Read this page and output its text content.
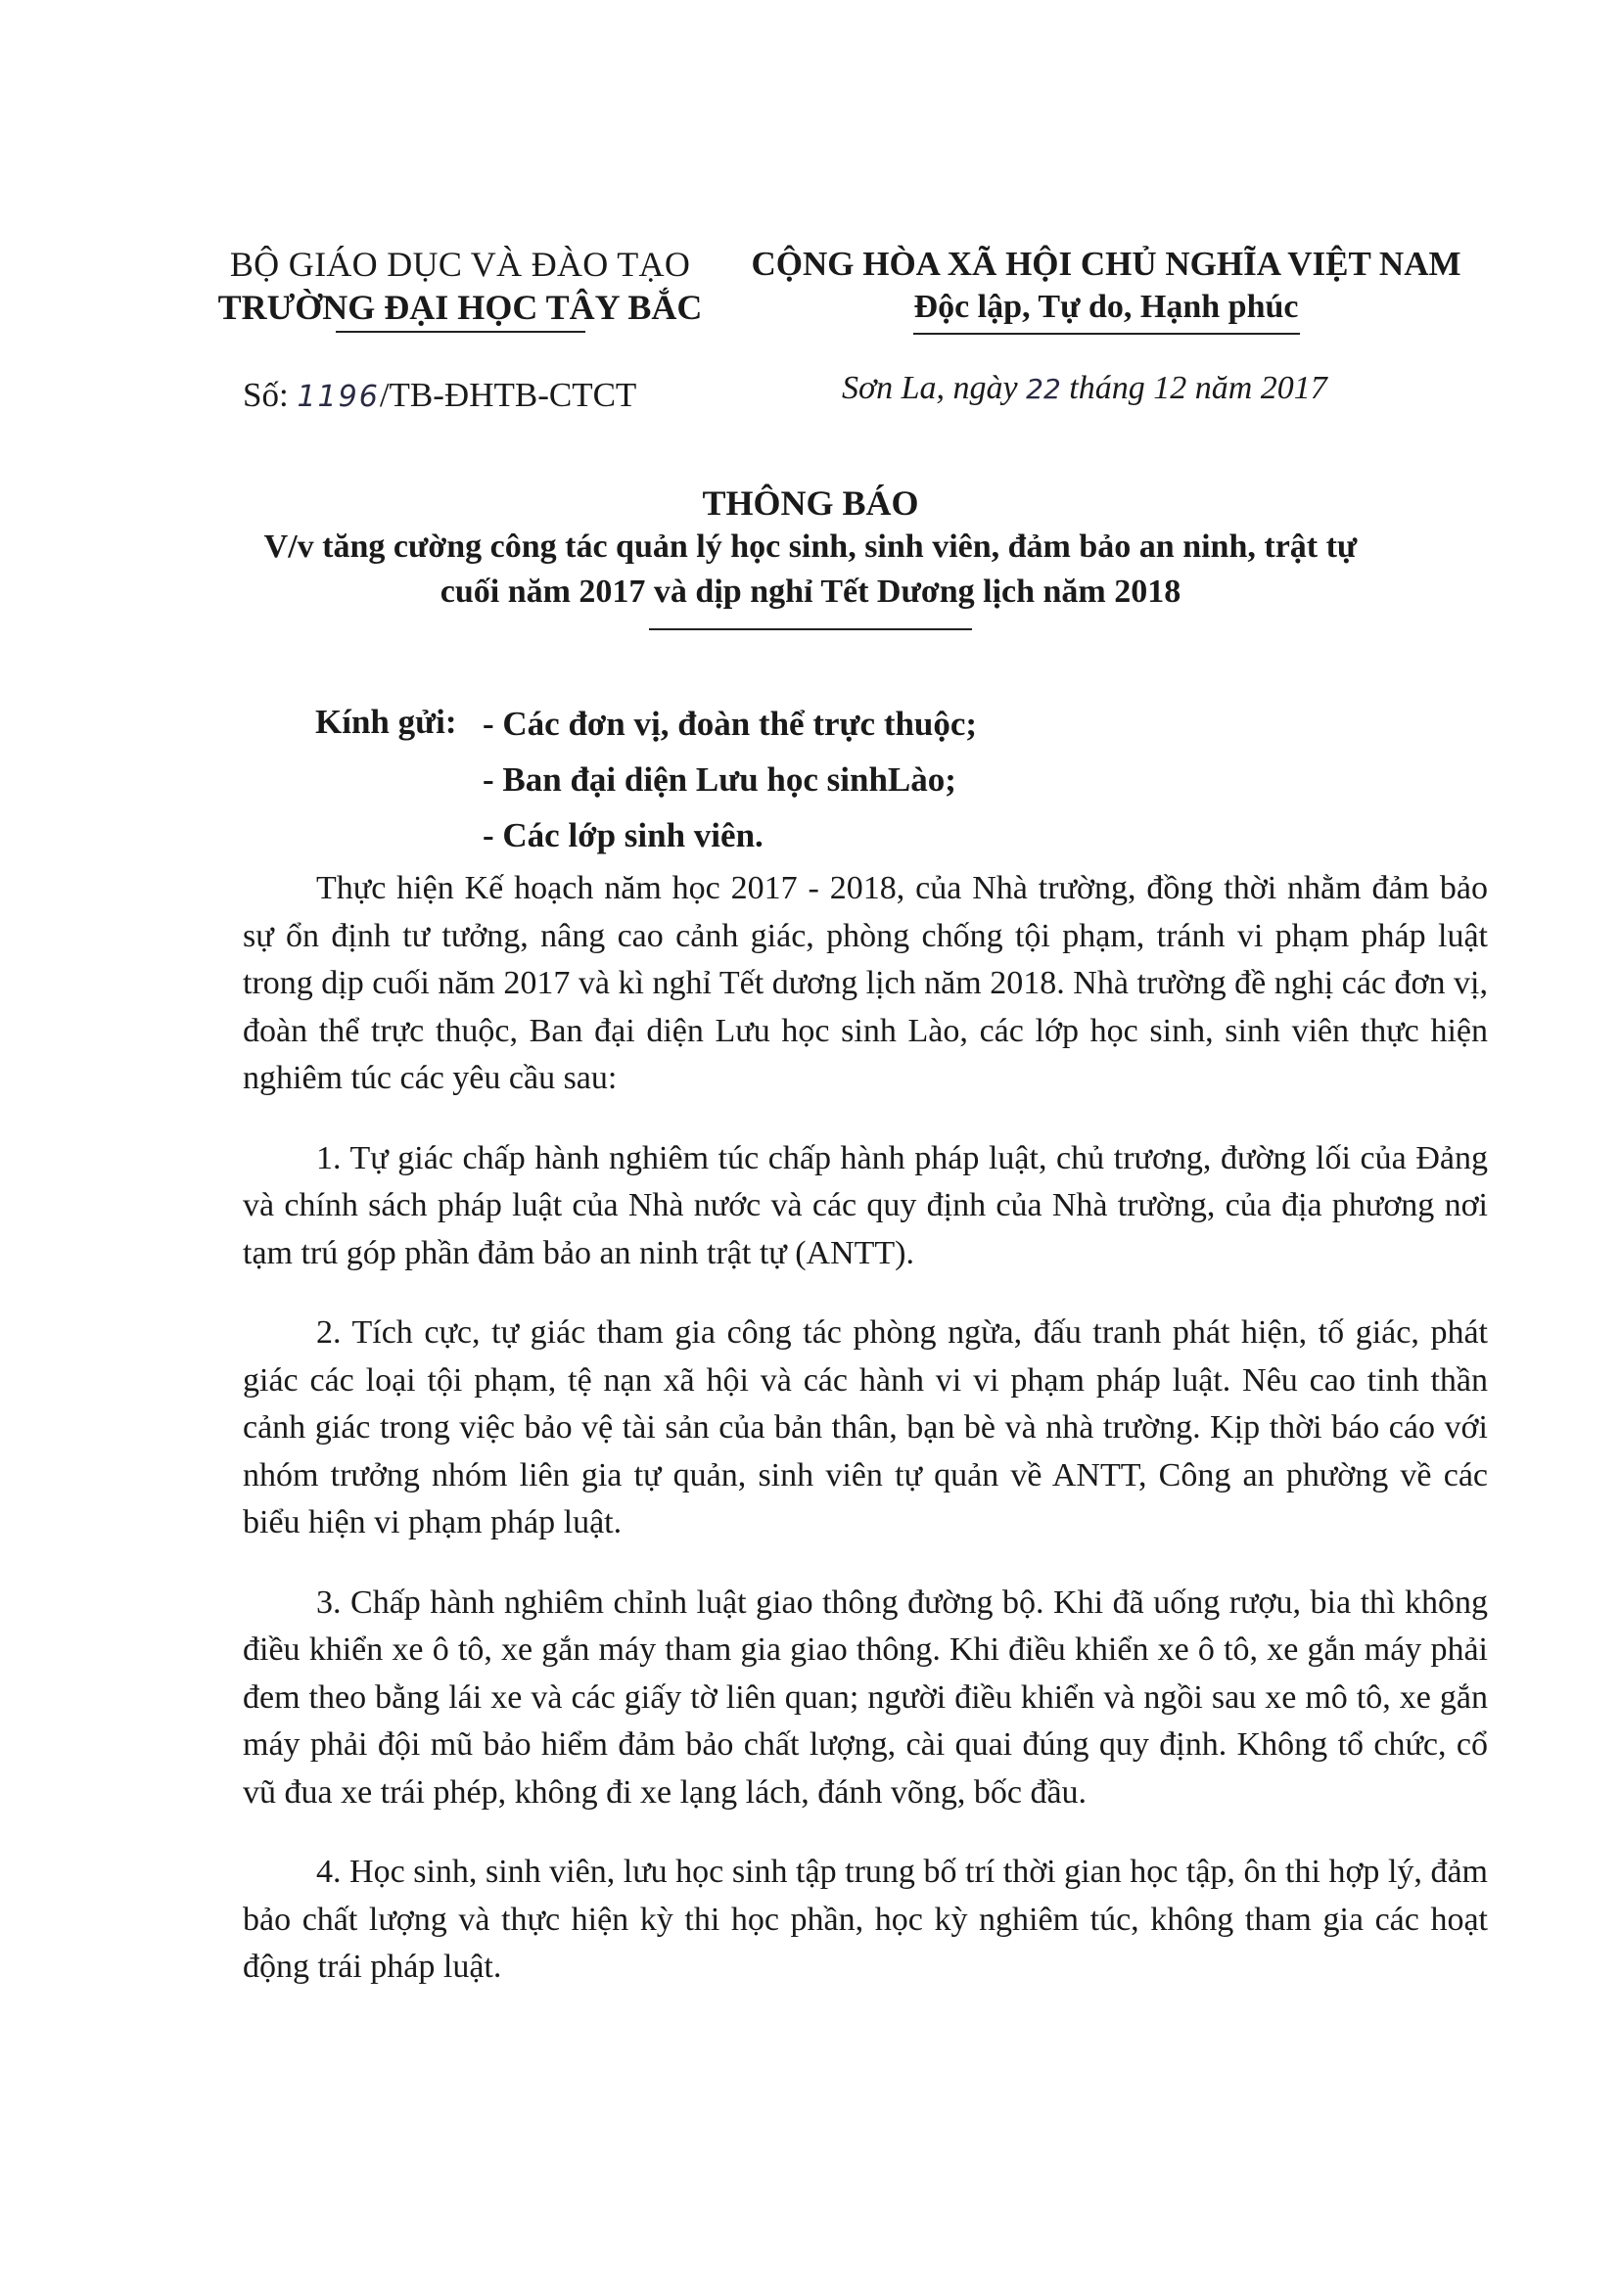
BỘ GIÁO DỤC VÀ ĐÀO TẠO
TRƯỜNG ĐẠI HỌC TÂY BẮC
CỘNG HÒA XÃ HỘI CHỦ NGHĨA VIỆT NAM
Độc lập, Tự do, Hạnh phúc
Số: 1196/TB-ĐHTB-CTCT	Sơn La, ngày 22 tháng 12 năm 2017
THÔNG BÁO
V/v tăng cường công tác quản lý học sinh, sinh viên, đảm bảo an ninh, trật tự
cuối năm 2017 và dịp nghỉ Tết Dương lịch năm 2018
Kính gửi: - Các đơn vị, đoàn thể trực thuộc;
- Ban đại diện Lưu học sinhLào;
- Các lớp sinh viên.

Thực hiện Kế hoạch năm học 2017 - 2018, của Nhà trường, đồng thời nhằm đảm bảo sự ổn định tư tưởng, nâng cao cảnh giác, phòng chống tội phạm, tránh vi phạm pháp luật trong dịp cuối năm 2017 và kì nghỉ Tết dương lịch năm 2018. Nhà trường đề nghị các đơn vị, đoàn thể trực thuộc, Ban đại diện Lưu học sinh Lào, các lớp học sinh, sinh viên thực hiện nghiêm túc các yêu cầu sau:

1. Tự giác chấp hành nghiêm túc chấp hành pháp luật, chủ trương, đường lối của Đảng và chính sách pháp luật của Nhà nước và các quy định của Nhà trường, của địa phương nơi tạm trú góp phần đảm bảo an ninh trật tự (ANTT).

2. Tích cực, tự giác tham gia công tác phòng ngừa, đấu tranh phát hiện, tố giác, phát giác các loại tội phạm, tệ nạn xã hội và các hành vi vi phạm pháp luật. Nêu cao tinh thần cảnh giác trong việc bảo vệ tài sản của bản thân, bạn bè và nhà trường. Kịp thời báo cáo với nhóm trưởng nhóm liên gia tự quản, sinh viên tự quản về ANTT, Công an phường về các biểu hiện vi phạm pháp luật.

3. Chấp hành nghiêm chỉnh luật giao thông đường bộ. Khi đã uống rượu, bia thì không điều khiển xe ô tô, xe gắn máy tham gia giao thông. Khi điều khiển xe ô tô, xe gắn máy phải đem theo bằng lái xe và các giấy tờ liên quan; người điều khiển và ngồi sau xe mô tô, xe gắn máy phải đội mũ bảo hiểm đảm bảo chất lượng, cài quai đúng quy định. Không tổ chức, cổ vũ đua xe trái phép, không đi xe lạng lách, đánh võng, bốc đầu.

4. Học sinh, sinh viên, lưu học sinh tập trung bố trí thời gian học tập, ôn thi hợp lý, đảm bảo chất lượng và thực hiện kỳ thi học phần, học kỳ nghiêm túc, không tham gia các hoạt động trái pháp luật.
